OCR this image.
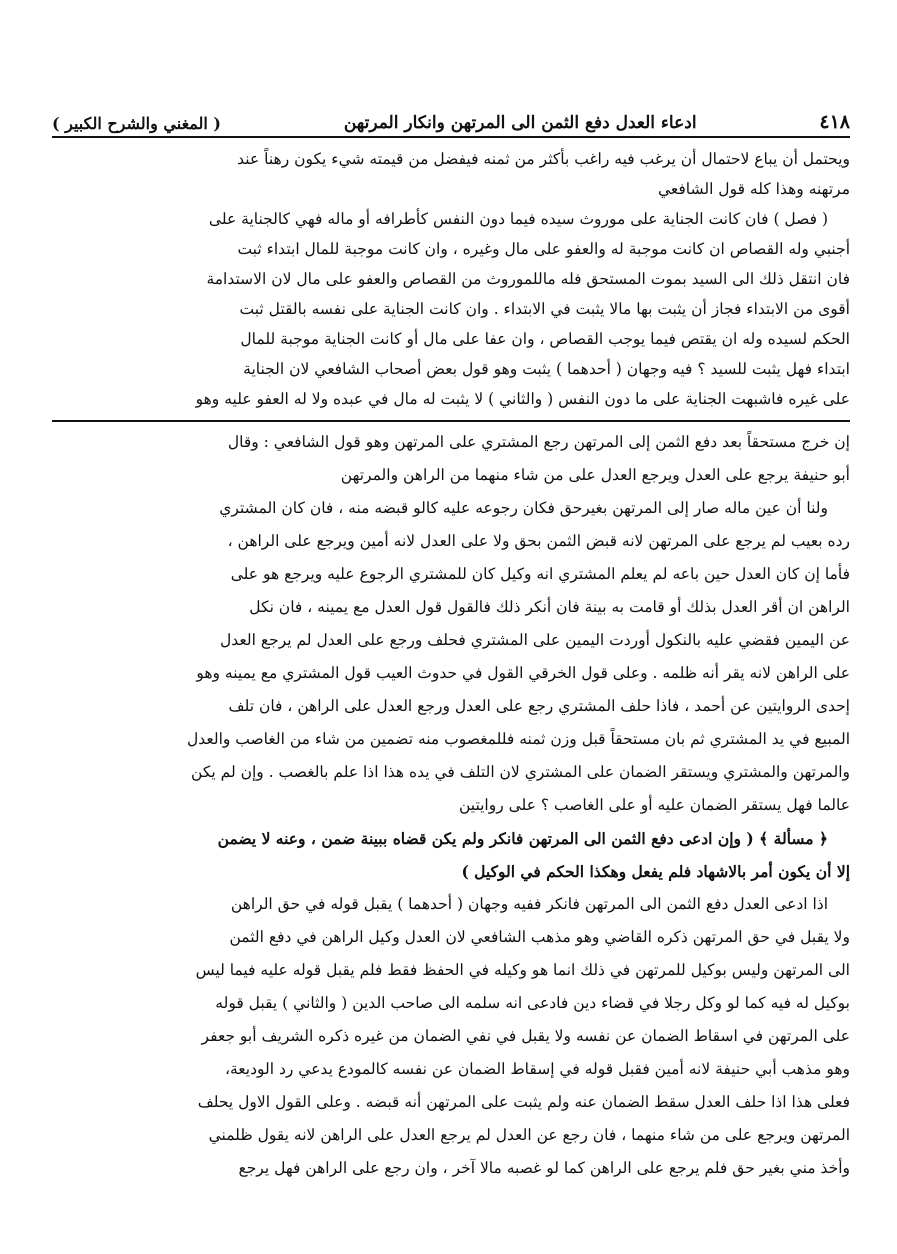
٤١٨
ادعاء العدل دفع الثمن الى المرتهن وانكار المرتهن
( المغني والشرح الكبير )

ويحتمل أن يباع لاحتمال أن يرغب فيه راغب بأكثر من ثمنه فيفضل من قيمته شيء يكون رهناً عند

مرتهنه وهذا كله قول الشافعي

( فصل ) فان كانت الجناية على موروث سيده فيما دون النفس كأطرافه أو ماله فهي كالجناية على

أجنبي وله القصاص ان كانت موجبة له والعفو على مال وغيره ، وان كانت موجبة للمال ابتداء ثبت

فان انتقل ذلك الى السيد بموت المستحق فله ماللموروث من القصاص والعفو على مال لان الاستدامة

أقوى من الابتداء فجاز أن يثبت بها مالا يثبت في الابتداء . وان كانت الجناية على نفسه بالقتل ثبت

الحكم لسيده وله ان يقتص فيما يوجب القصاص ، وان عفا على مال أو كانت الجناية موجبة للمال

ابتداء فهل يثبت للسيد ؟ فيه وجهان ( أحدهما ) يثبت وهو قول بعض أصحاب الشافعي لان الجناية

على غيره فاشبهت الجناية على ما دون النفس ( والثاني ) لا يثبت له مال في عبده ولا له العفو عليه وهو

إن خرج مستحقاً بعد دفع الثمن إلى المرتهن رجع المشتري على المرتهن وهو قول الشافعي : وقال

أبو حنيفة يرجع على العدل ويرجع العدل على من شاء منهما من الراهن والمرتهن

ولنا أن عين ماله صار إلى المرتهن بغيرحق فكان رجوعه عليه كالو قبضه منه ، فان كان المشتري

رده بعيب لم يرجع على المرتهن لانه قبض الثمن بحق ولا على العدل لانه أمين ويرجع على الراهن ،

فأما إن كان العدل حين باعه لم يعلم المشتري انه وكيل كان للمشتري الرجوع عليه ويرجع هو على

الراهن ان أقر العدل بذلك أو قامت به بينة فان أنكر ذلك فالقول قول العدل مع يمينه ، فان نكل

عن اليمين فقضي عليه بالنكول أوردت اليمين على المشتري فحلف ورجع على العدل لم يرجع العدل

على الراهن لانه يقر أنه ظلمه . وعلى قول الخرقي القول في حدوث العيب قول المشتري مع يمينه وهو

إحدى الروايتين عن أحمد ، فاذا حلف المشتري رجع على العدل ورجع العدل على الراهن ، فان تلف

المبيع في يد المشتري ثم بان مستحقاً قبل وزن ثمنه فللمغصوب منه تضمين من شاء من الغاصب والعدل

والمرتهن والمشتري ويستقر الضمان على المشتري لان التلف في يده هذا اذا علم بالغصب . وإن لم يكن

عالما فهل يستقر الضمان عليه أو على الغاصب ؟ على روايتين

﴿ مسألة ﴾ ( وإن ادعى دفع الثمن الى المرتهن فانكر ولم يكن قضاه ببينة ضمن ، وعنه لا يضمن

إلا أن يكون أمر بالاشهاد فلم يفعل وهكذا الحكم في الوكيل )

اذا ادعى العدل دفع الثمن الى المرتهن فانكر ففيه وجهان ( أحدهما ) يقبل قوله في حق الراهن

ولا يقبل في حق المرتهن ذكره القاضي وهو مذهب الشافعي لان العدل وكيل الراهن في دفع الثمن

الى المرتهن وليس بوكيل للمرتهن في ذلك انما هو وكيله في الحفظ فقط فلم يقبل قوله عليه فيما ليس

بوكيل له فيه كما لو وكل رجلا في قضاء دين فادعى انه سلمه الى صاحب الدين ( والثاني ) يقبل قوله

على المرتهن في اسقاط الضمان عن نفسه ولا يقبل في نفي الضمان من غيره ذكره الشريف أبو جعفر

وهو مذهب أبي حنيفة لانه أمين فقبل قوله في إسقاط الضمان عن نفسه كالمودع يدعي رد الوديعة،

فعلى هذا اذا حلف العدل سقط الضمان عنه ولم يثبت على المرتهن أنه قبضه . وعلى القول الاول يحلف

المرتهن ويرجع على من شاء منهما ، فان رجع عن العدل لم يرجع العدل على الراهن لانه يقول ظلمني

وأخذ مني بغير حق فلم يرجع على الراهن كما لو غصبه مالا آخر ، وان رجع على الراهن فهل يرجع
